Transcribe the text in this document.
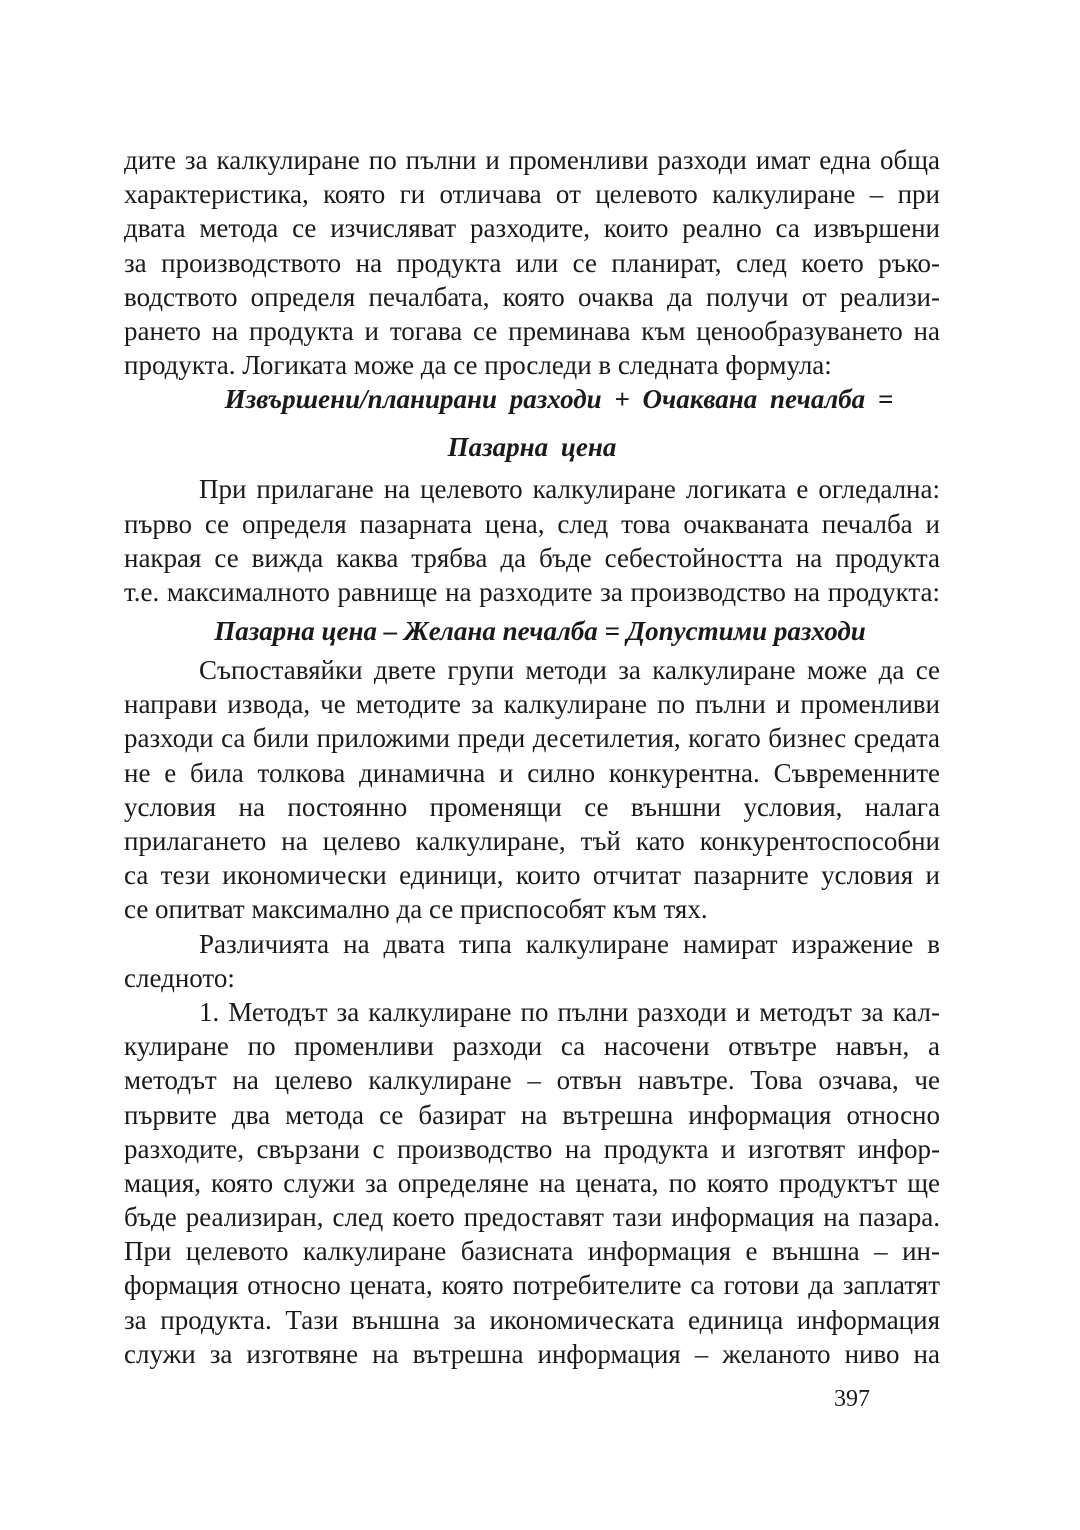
дите за калкулиране по пълни и променливи разходи имат една обща
характеристика, която ги отличава от целевото калкулиране – при
двата метода се изчисляват разходите, които реално са извършени
за производството на продукта или се планират, след което ръко-
водството определя печалбата, която очаква да получи от реализи-
рането на продукта и тогава се преминава към ценообразуването на
продукта. Логиката може да се проследи в следната формула:
Извършени/планирани разходи + Очаквана печалба =
Пазарна цена
При прилагане на целевото калкулиране логиката е огледална:
първо се определя пазарната цена, след това очакваната печалба и
накрая се вижда каква трябва да бъде себестойността на продукта
т.е. максималното равнище на разходите за производство на продукта:
Пазарна цена – Желана печалба = Допустими разходи
Съпоставяйки двете групи методи за калкулиране може да се
направи извода, че методите за калкулиране по пълни и променливи
разходи са били приложими преди десетилетия, когато бизнес средата
не е била толкова динамична и силно конкурентна. Съвременните
условия на постоянно променящи се външни условия, налага
прилагането на целево калкулиране, тъй като конкурентоспособни
са тези икономически единици, които отчитат пазарните условия и
се опитват максимално да се приспособят към тях.
Различията на двата типа калкулиране намират изражение в
следното:
1. Методът за калкулиране по пълни разходи и методът за кал-
кулиране по променливи разходи са насочени отвътре навън, а
методът на целево калкулиране – отвън навътре. Това озчава, че
първите два метода се базират на вътрешна информация относно
разходите, свързани с производство на продукта и изготвят инфор-
мация, която служи за определяне на цената, по която продуктът ще
бъде реализиран, след което предоставят тази информация на пазара.
При целевото калкулиране базисната информация е външна – ин-
формация относно цената, която потребителите са готови да заплатят
за продукта. Тази външна за икономическата единица информация
служи за изготвяне на вътрешна информация – желаното ниво на
397
